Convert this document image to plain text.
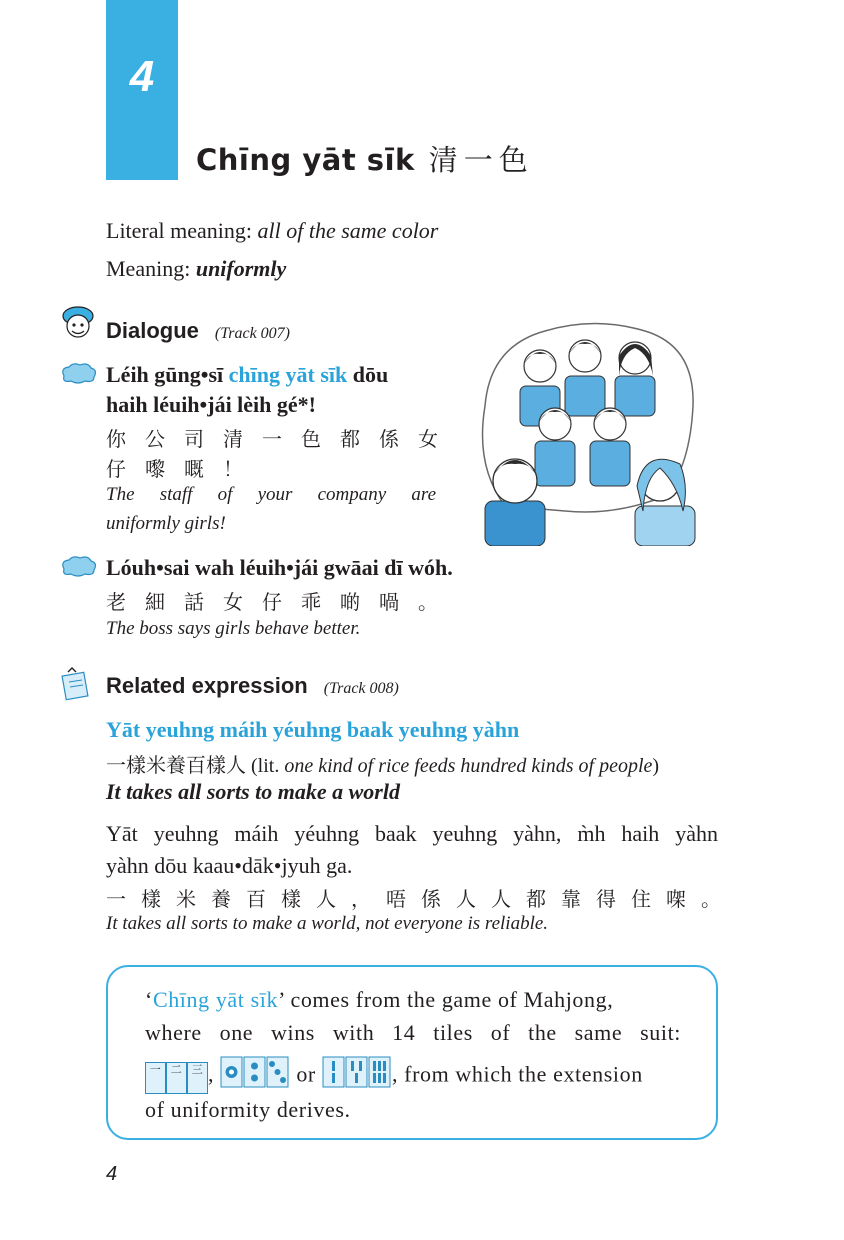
4
Chīng yāt sīk 清一色
Literal meaning: all of the same color
Meaning: uniformly
Dialogue (Track 007)
Léih gūng•sī chīng yāt sīk dōu
haih léuih•jái lèih gé*!
你公司清一色都係女
仔嚟嘅！
The staff of your company are
uniformly girls!
Lóuh•sai wah léuih•jái gwāai dī wóh.
老細話女仔乖啲喎。
The boss says girls behave better.
Related expression (Track 008)
Yāt yeuhng máih yéuhng baak yeuhng yàhn
一樣米養百樣人 (lit. one kind of rice feeds hundred kinds of people)
It takes all sorts to make a world
Yāt yeuhng máih yéuhng baak yeuhng yàhn, m̀h haih yàhn
yàhn dōu kaau•dāk•jyuh ga.
一樣米養百樣人，唔係人人都靠得住㗎。
It takes all sorts to make a world, not everyone is reliable.
‘Chīng yāt sīk’ comes from the game of Mahjong,
where one wins with 14 tiles of the same suit:
一 二 三 ,	or	, from which the extension
of uniformity derives.
4
